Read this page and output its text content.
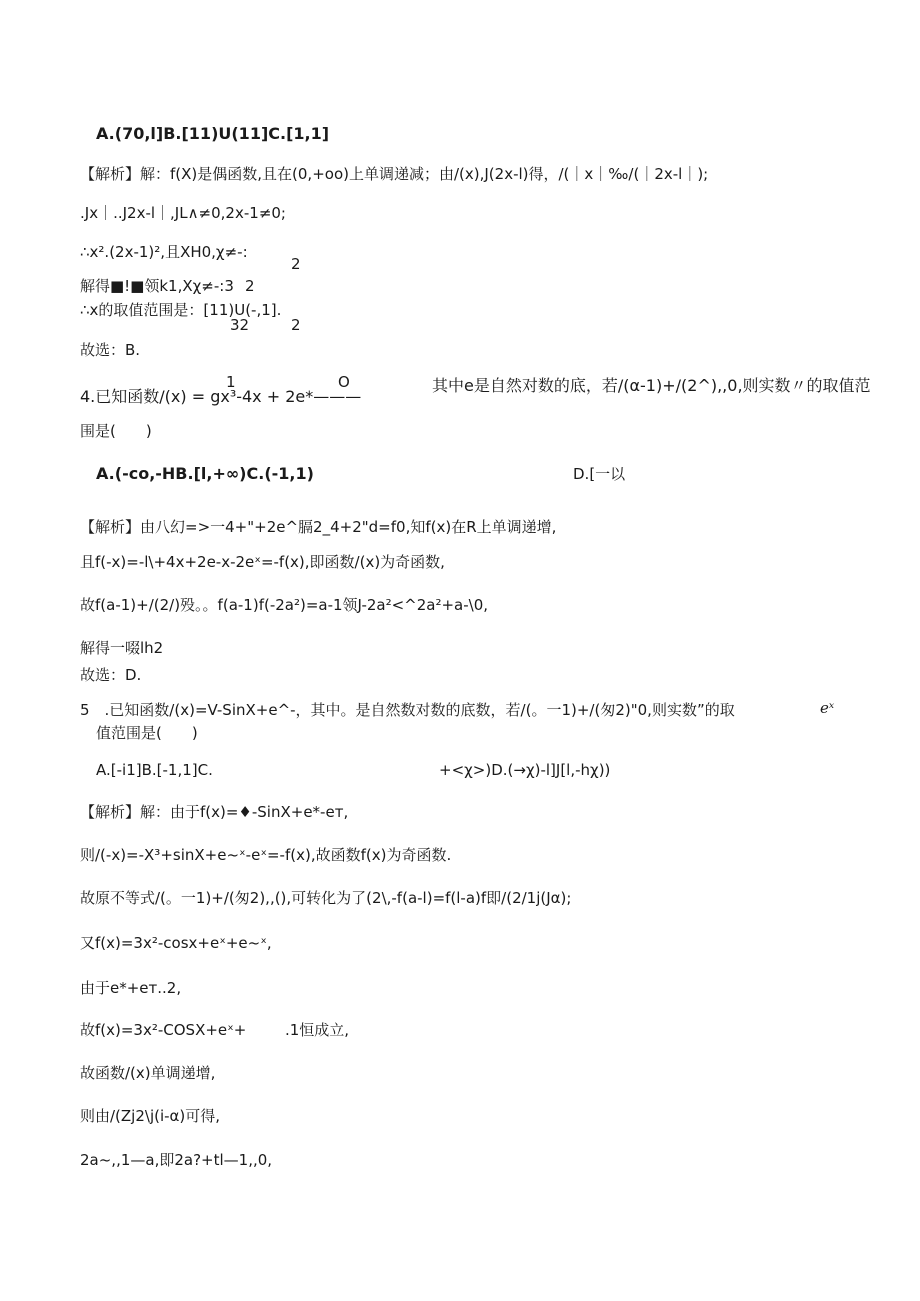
A.(70,l]B.[11)U(11]C.[1,1]
【解析】解：f(X)是偶函数,且在(0,+oo)上单调递减；由/(x),J(2x-l)得，/(｜x｜‰/(｜2x-l｜);
.Jx｜..J2x-l｜,JL∧≠0,2x-1≠0;
∴x².(2x-1)²,且XH0,χ≠-:
2
解得■!■领k1,Xχ≠-:3 2
∴x的取值范围是：[11)U(-,1].
32	2
故选：B.
1	O
4.已知函数/(x) = gx³-4x + 2e*———
其中e是自然对数的底，若/(α-1)+/(2^),,0,则实数〃的取值范
围是(　　)
A.(-co,-HB.[l,+∞)C.(-1,1)	D.[一以
【解析】由八幻=>一4+"+2e^膈2_4+2"d=f0,知f(x)在R上单调递增,
且f(-x)=-l\+4x+2e-x-2eˣ=-f(x),即函数/(x)为奇函数,
故f(a-1)+/(2/)殁。。f(a-1)f(-2a²)=a-1领J-2a²<^2a²+a-\0,
解得一啜lh2
故选：D.
5　.已知函数/(x)=V-SinX+e^-，其中。是自然数对数的底数，若/(。一1)+/(匆2)"0,则实数”的取	eˣ
值范围是(　　)
A.[-i1]B.[-1,1]C.	+<χ>)D.(→χ)-l]J[l,-hχ))
【解析】解：由于f(x)=♦-SinX+e*-eт,
则/(-x)=-X³+sinX+e~ˣ-eˣ=-f(x),故函数f(x)为奇函数.
故原不等式/(。一1)+/(匆2),,(),可转化为了(2\,-f(a-l)=f(l-a)f即/(2/1j(Jα);
又f(x)=3x²-cosx+eˣ+e~ˣ,
由于e*+eт..2,
故f(x)=3x²-COSX+eˣ+	.1恒成立,
故函数/(x)单调递增,
则由/(Zj2\j(i-α)可得,
2a~,,1—a,即2a?+tl—1,,0,
